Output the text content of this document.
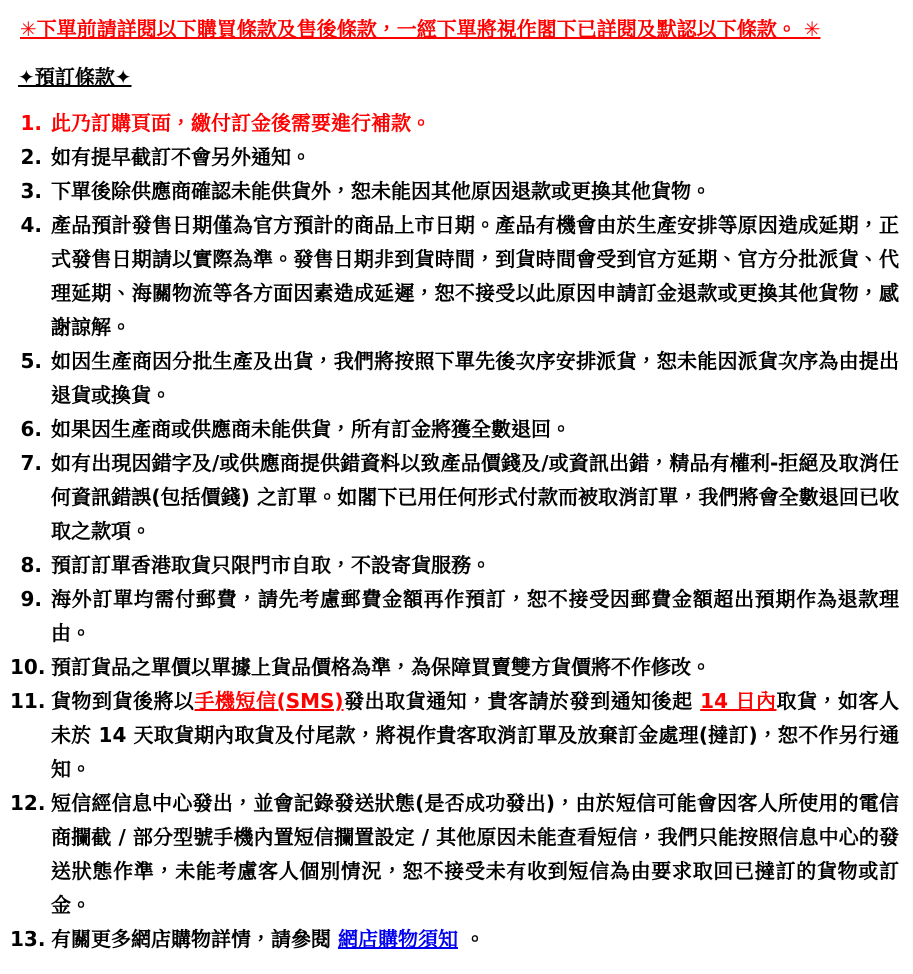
✳下單前請詳閱以下購買條款及售後條款，一經下單將視作閣下已詳閱及默認以下條款。 ✳
✦預訂條款✦
1. 此乃訂購頁面，繳付訂金後需要進行補款。
2. 如有提早截訂不會另外通知。
3. 下單後除供應商確認未能供貨外，恕未能因其他原因退款或更換其他貨物。
4. 產品預計發售日期僅為官方預計的商品上市日期。產品有機會由於生產安排等原因造成延期，正式發售日期請以實際為準。發售日期非到貨時間，到貨時間會受到官方延期、官方分批派貨、代理延期、海關物流等各方面因素造成延遲，恕不接受以此原因申請訂金退款或更換其他貨物，感謝諒解。
5. 如因生產商因分批生產及出貨，我們將按照下單先後次序安排派貨，恕未能因派貨次序為由提出退貨或換貨。
6. 如果因生產商或供應商未能供貨，所有訂金將獲全數退回。
7. 如有出現因錯字及/或供應商提供錯資料以致產品價錢及/或資訊出錯，精品有權利-拒絕及取消任何資訊錯誤(包括價錢) 之訂單。如閣下已用任何形式付款而被取消訂單，我們將會全數退回已收取之款項。
8. 預訂訂單香港取貨只限門市自取，不設寄貨服務。
9. 海外訂單均需付郵費，請先考慮郵費金額再作預訂，恕不接受因郵費金額超出預期作為退款理由。
10. 預訂貨品之單價以單據上貨品價格為準，為保障買賣雙方貨價將不作修改。
11. 貨物到貨後將以手機短信(SMS)發出取貨通知，貴客請於發到通知後起 14 日內取貨，如客人未於 14 天取貨期內取貨及付尾款，將視作貴客取消訂單及放棄訂金處理(撻訂)，恕不作另行通知。
12. 短信經信息中心發出，並會記錄發送狀態(是否成功發出)，由於短信可能會因客人所使用的電信商攔截 / 部分型號手機內置短信攔置設定 / 其他原因未能查看短信，我們只能按照信息中心的發送狀態作準，未能考慮客人個別情況，恕不接受未有收到短信為由要求取回已撻訂的貨物或訂金。
13. 有關更多網店購物詳情，請參閱 網店購物須知 。
